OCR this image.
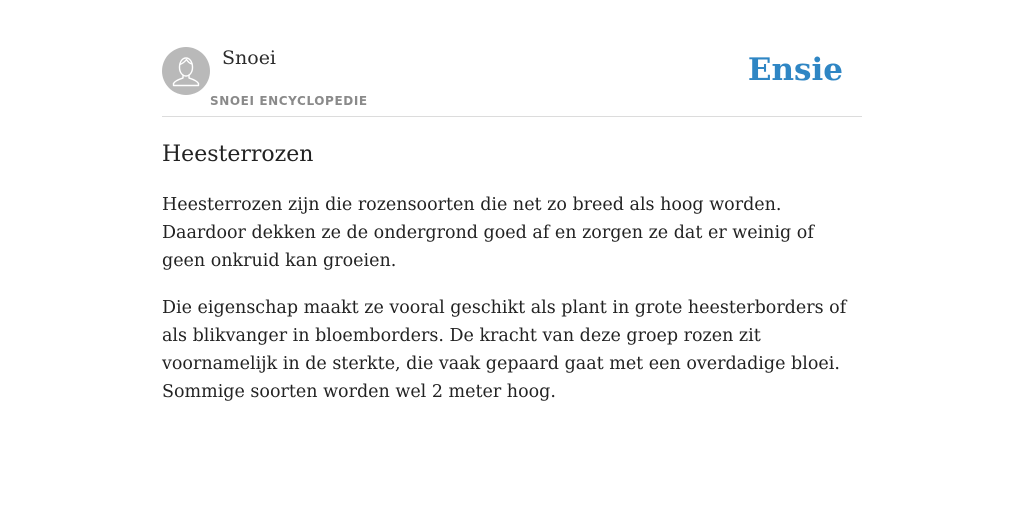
Snoei
SNOEI ENCYCLOPEDIE
Ensie
Heesterrozen

Heesterrozen zijn die rozensoorten die net zo breed als hoog worden. Daardoor dekken ze de ondergrond goed af en zorgen ze dat er weinig of geen onkruid kan groeien.

Die eigenschap maakt ze vooral geschikt als plant in grote heesterborders of als blikvanger in bloemborders. De kracht van deze groep rozen zit voornamelijk in de sterkte, die vaak gepaard gaat met een overdadige bloei. Sommige soorten worden wel 2 meter hoog.
